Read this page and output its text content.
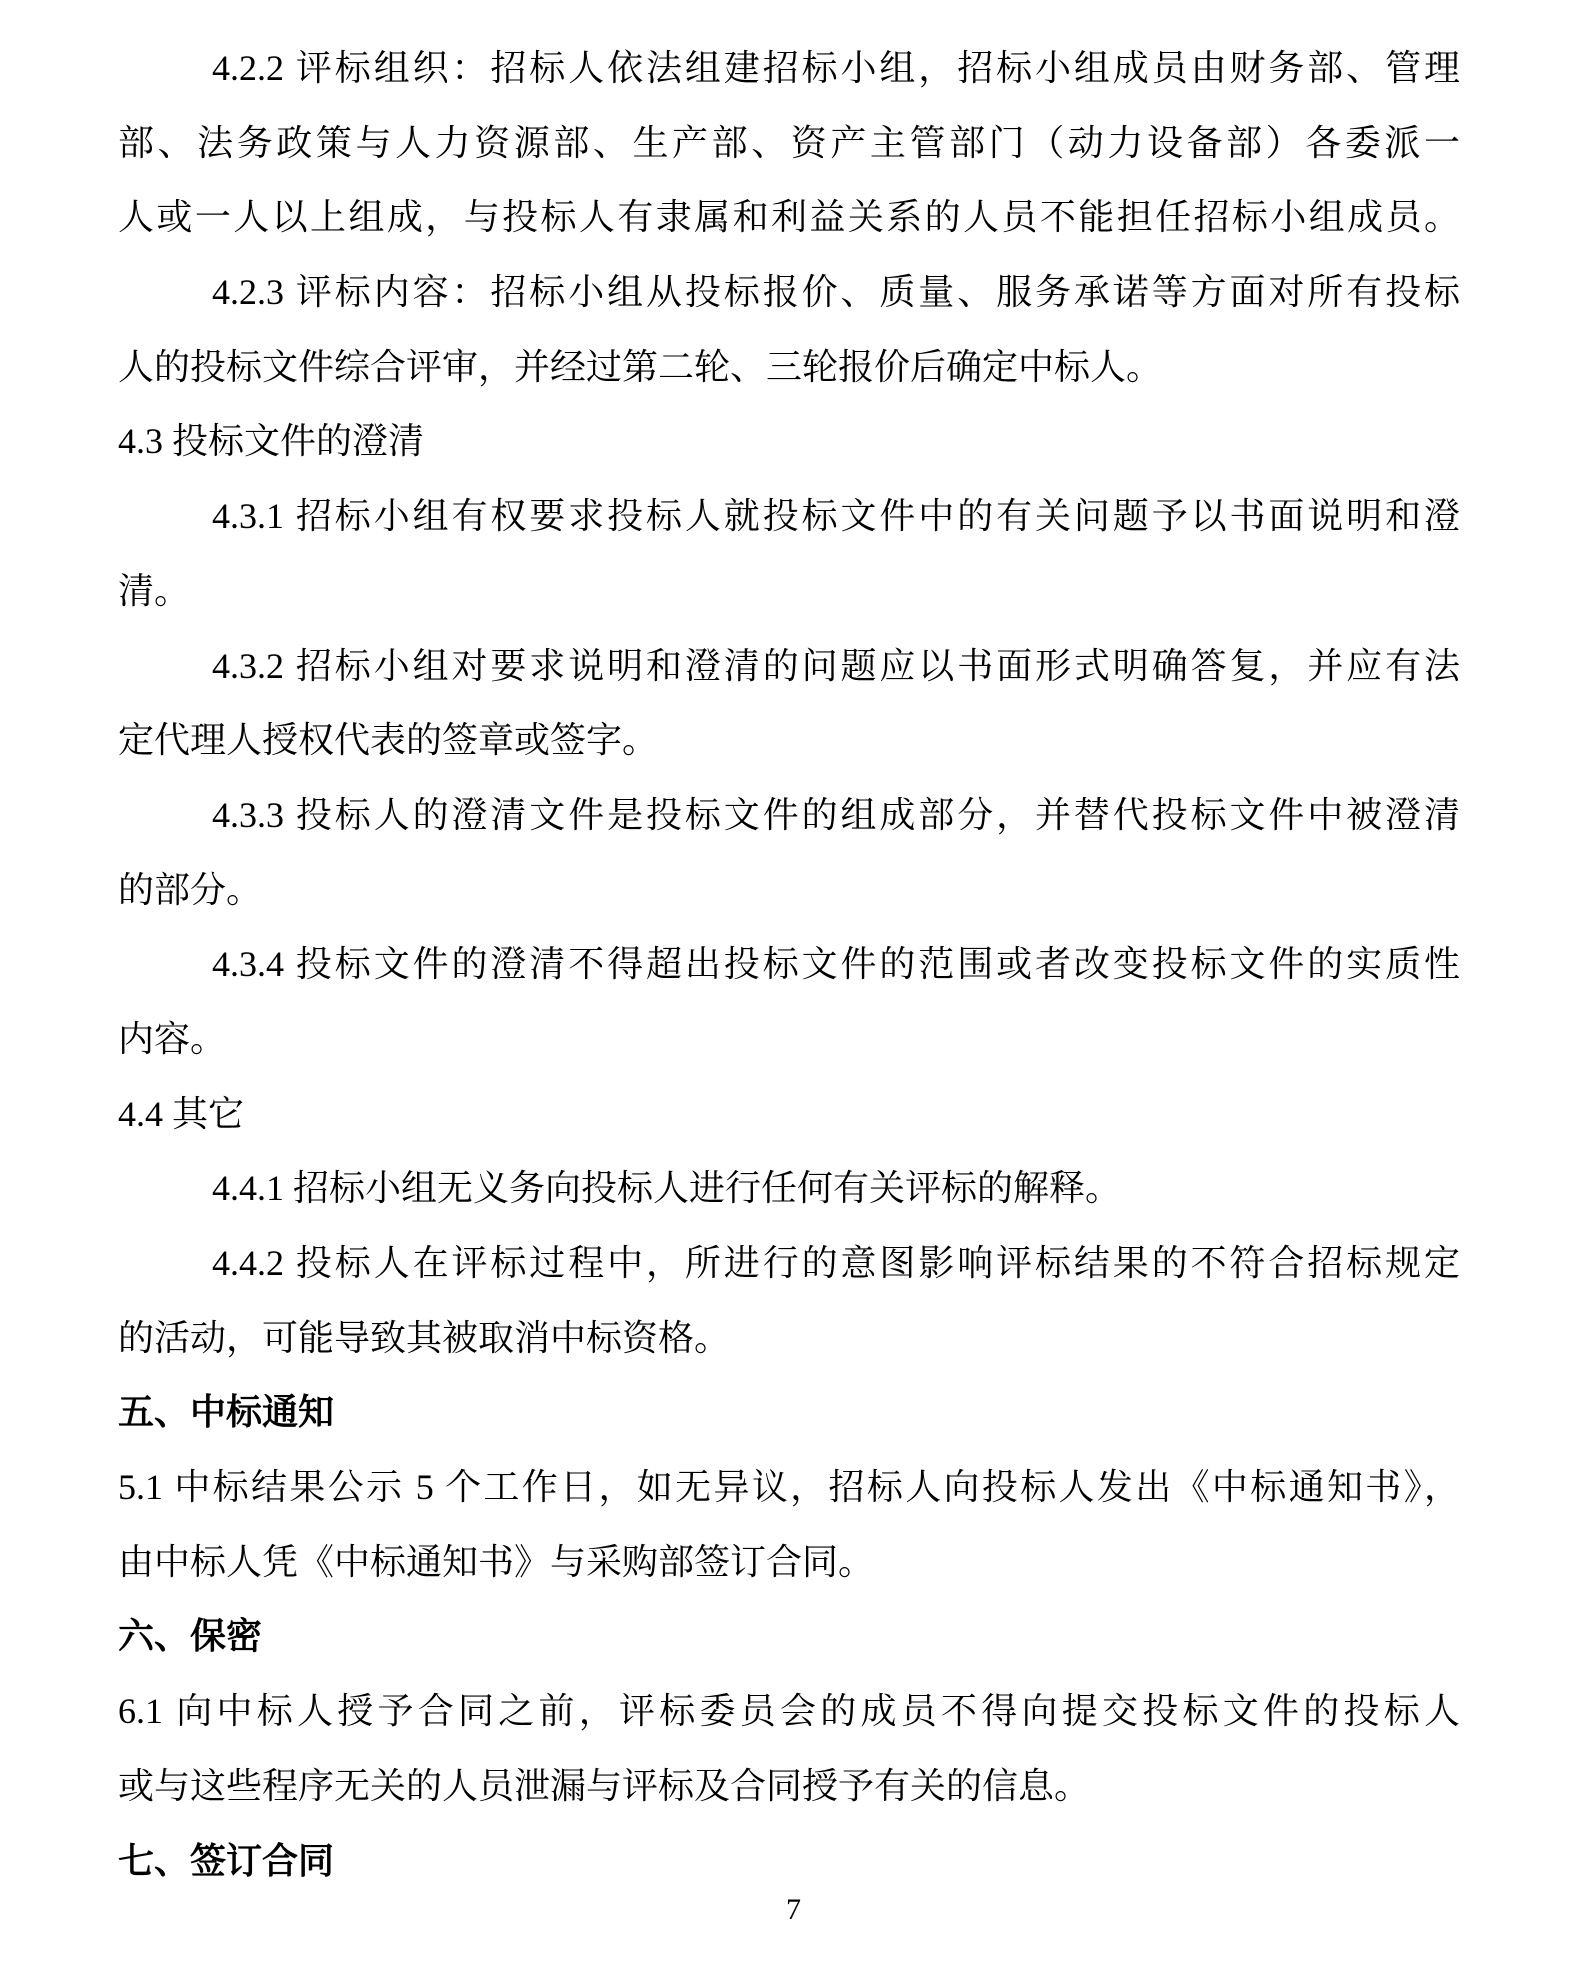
4.2.2 评标组织：招标人依法组建招标小组，招标小组成员由财务部、管理
部、法务政策与人力资源部、生产部、资产主管部门（动力设备部）各委派一
人或一人以上组成，与投标人有隶属和利益关系的人员不能担任招标小组成员。
4.2.3 评标内容：招标小组从投标报价、质量、服务承诺等方面对所有投标
人的投标文件综合评审，并经过第二轮、三轮报价后确定中标人。
4.3 投标文件的澄清
4.3.1 招标小组有权要求投标人就投标文件中的有关问题予以书面说明和澄
清。
4.3.2 招标小组对要求说明和澄清的问题应以书面形式明确答复，并应有法
定代理人授权代表的签章或签字。
4.3.3 投标人的澄清文件是投标文件的组成部分，并替代投标文件中被澄清
的部分。
4.3.4 投标文件的澄清不得超出投标文件的范围或者改变投标文件的实质性
内容。
4.4 其它
4.4.1 招标小组无义务向投标人进行任何有关评标的解释。
4.4.2 投标人在评标过程中，所进行的意图影响评标结果的不符合招标规定
的活动，可能导致其被取消中标资格。
五、中标通知
5.1 中标结果公示 5 个工作日，如无异议，招标人向投标人发出《中标通知书》，
由中标人凭《中标通知书》与采购部签订合同。
六、保密
6.1 向中标人授予合同之前，评标委员会的成员不得向提交投标文件的投标人
或与这些程序无关的人员泄漏与评标及合同授予有关的信息。
七、签订合同
7
